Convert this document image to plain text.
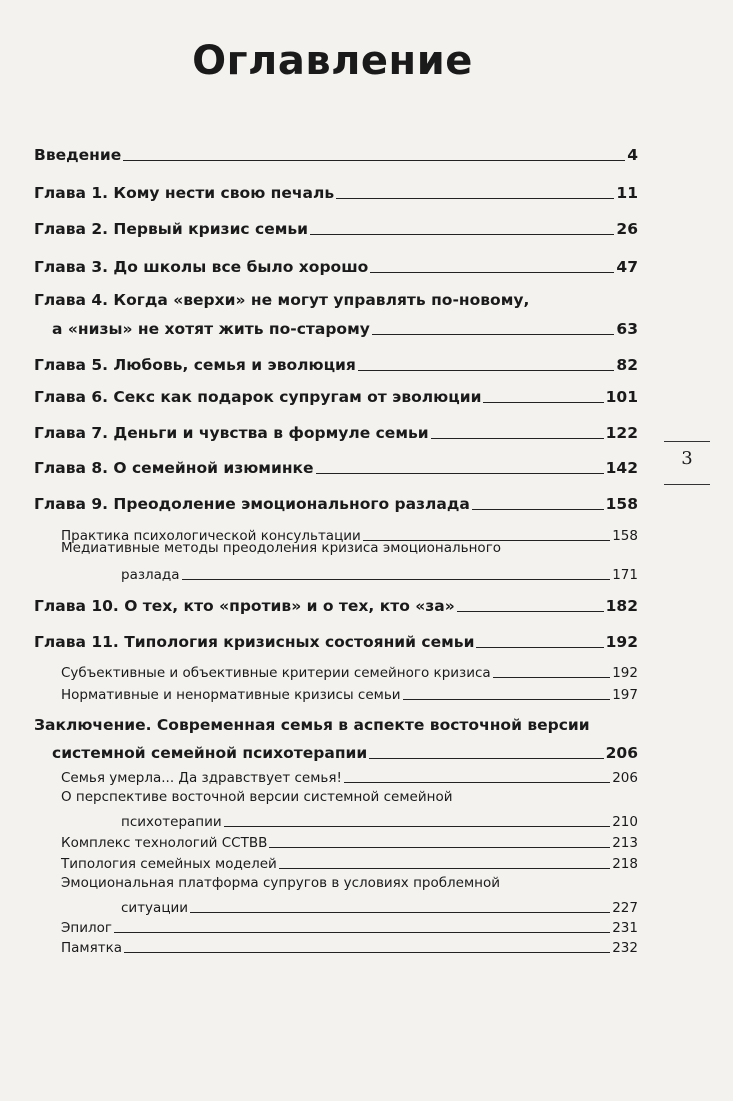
Оглавление
Введение	4
Глава 1. Кому нести свою печаль	11
Глава 2. Первый кризис семьи	26
Глава 3. До школы все было хорошо	47
Глава 4. Когда «верхи» не могут управлять по-новому,
а «низы» не хотят жить по-старому	63
Глава 5. Любовь, семья и эволюция	82
Глава 6. Секс как подарок супругам от эволюции	101
Глава 7. Деньги и чувства в формуле семьи	122
Глава 8. О семейной изюминке	142
Глава 9. Преодоление эмоционального разлада	158
Практика психологической консультации	158
Медиативные методы преодоления кризиса эмоционального
разлада	171
Глава 10. О тех, кто «против» и о тех, кто «за»	182
Глава 11. Типология кризисных состояний семьи	192
Субъективные и объективные критерии семейного кризиса	192
Нормативные и ненормативные кризисы семьи	197
Заключение. Современная семья в аспекте восточной версии
системной семейной психотерапии	206
Семья умерла... Да здравствует семья!	206
О перспективе восточной версии системной семейной
психотерапии	210
Комплекс технологий СCТВВ	213
Типология семейных моделей	218
Эмоциональная платформа супругов в условиях проблемной
ситуации	227
Эпилог	231
Памятка	232
3
